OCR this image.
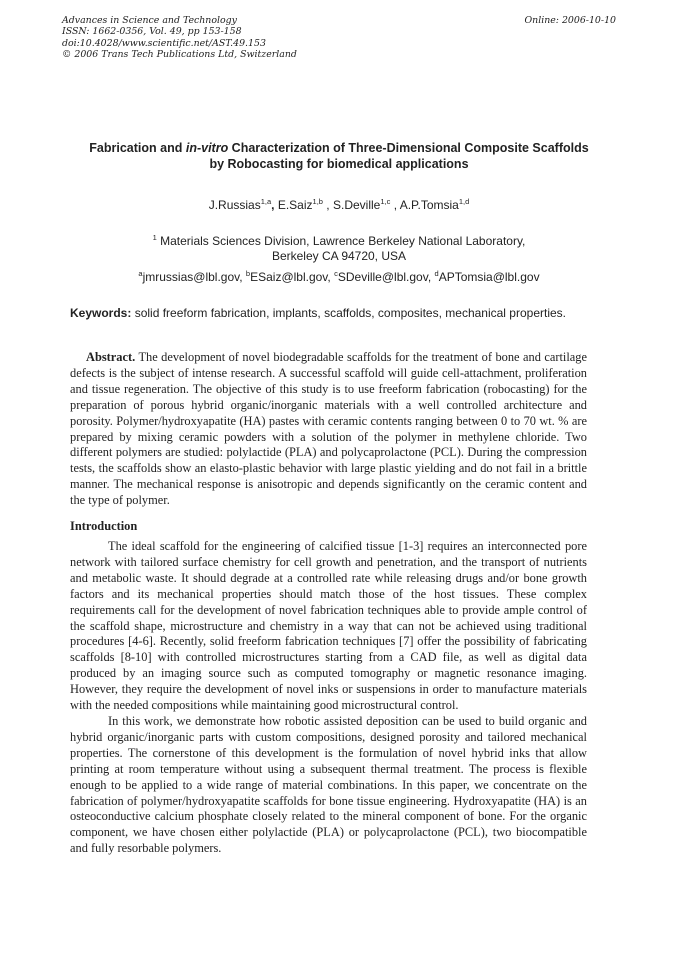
Advances in Science and Technology
ISSN: 1662-0356, Vol. 49, pp 153-158
doi:10.4028/www.scientific.net/AST.49.153
© 2006 Trans Tech Publications Ltd, Switzerland
Online: 2006-10-10
Fabrication and in-vitro Characterization of Three-Dimensional Composite Scaffolds
by Robocasting for biomedical applications
J.Russias$^{1,a}$, E.Saiz$^{1,b}$ , S.Deville$^{1,c}$ , A.P.Tomsia$^{1,d}$
$^1$ Materials Sciences Division, Lawrence Berkeley National Laboratory,
Berkeley CA 94720, USA
$^a$jmrussias@lbl.gov, $^b$ESaiz@lbl.gov, $^c$SDeville@lbl.gov, $^d$APTomsia@lbl.gov
Keywords: solid freeform fabrication, implants, scaffolds, composites, mechanical properties.
Abstract. The development of novel biodegradable scaffolds for the treatment of bone and cartilage defects is the subject of intense research. A successful scaffold will guide cell-attachment, proliferation and tissue regeneration. The objective of this study is to use freeform fabrication (robocasting) for the preparation of porous hybrid organic/inorganic materials with a well controlled architecture and porosity. Polymer/hydroxyapatite (HA) pastes with ceramic contents ranging between 0 to 70 wt. % are prepared by mixing ceramic powders with a solution of the polymer in methylene chloride. Two different polymers are studied: polylactide (PLA) and polycaprolactone (PCL). During the compression tests, the scaffolds show an elasto-plastic behavior with large plastic yielding and do not fail in a brittle manner. The mechanical response is anisotropic and depends significantly on the ceramic content and the type of polymer.
Introduction

The ideal scaffold for the engineering of calcified tissue [1-3] requires an interconnected pore network with tailored surface chemistry for cell growth and penetration, and the transport of nutrients and metabolic waste. It should degrade at a controlled rate while releasing drugs and/or bone growth factors and its mechanical properties should match those of the host tissues. These complex requirements call for the development of novel fabrication techniques able to provide ample control of the scaffold shape, microstructure and chemistry in a way that can not be achieved using traditional procedures [4-6]. Recently, solid freeform fabrication techniques [7] offer the possibility of fabricating scaffolds [8-10] with controlled microstructures starting from a CAD file, as well as digital data produced by an imaging source such as computed tomography or magnetic resonance imaging. However, they require the development of novel inks or suspensions in order to manufacture materials with the needed compositions while maintaining good microstructural control.

In this work, we demonstrate how robotic assisted deposition can be used to build organic and hybrid organic/inorganic parts with custom compositions, designed porosity and tailored mechanical properties. The cornerstone of this development is the formulation of novel hybrid inks that allow printing at room temperature without using a subsequent thermal treatment. The process is flexible enough to be applied to a wide range of material combinations. In this paper, we concentrate on the fabrication of polymer/hydroxyapatite scaffolds for bone tissue engineering. Hydroxyapatite (HA) is an osteoconductive calcium phosphate closely related to the mineral component of bone. For the organic component, we have chosen either polylactide (PLA) or polycaprolactone (PCL), two biocompatible and fully resorbable polymers.
